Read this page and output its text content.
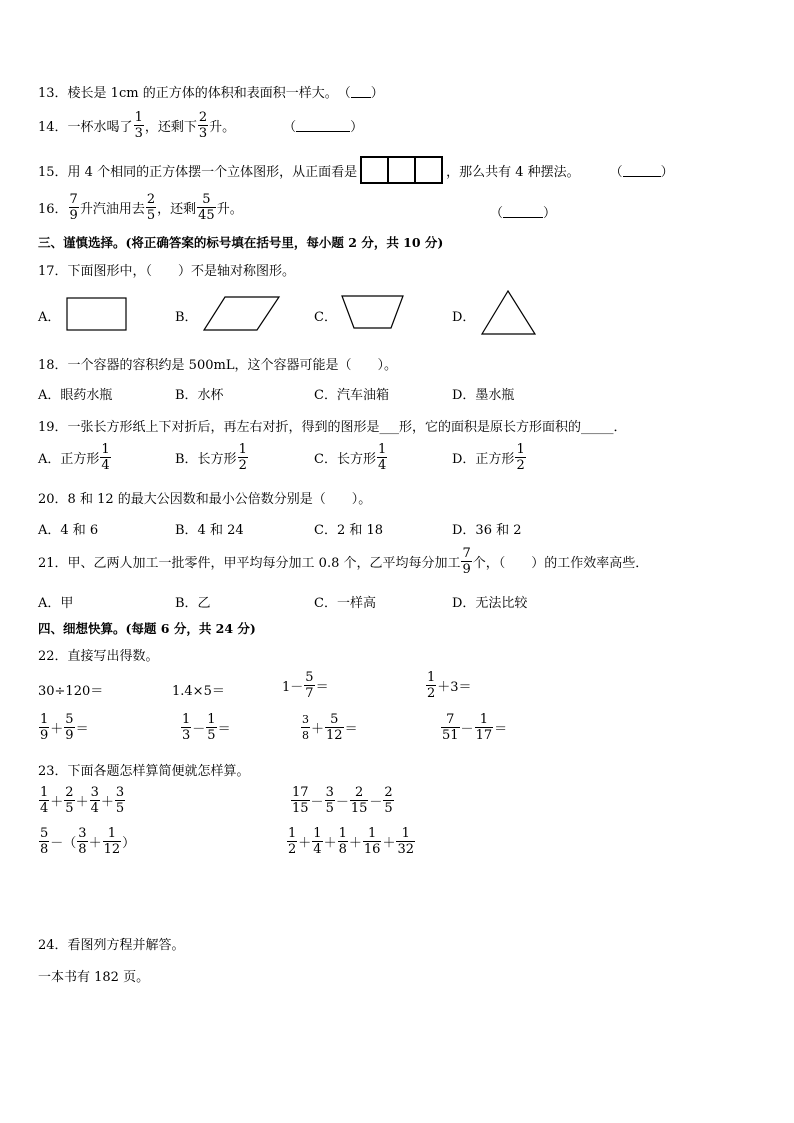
13． 棱长是 1cm 的正方体的体积和表面积一样大。 （ ）
14． 一杯水喝了 $\frac{1}{3}$ ，还剩下 $\frac{2}{3}$ 升。	（	）
15． 用 4 个相同的正方体摆一个立体图形，从正面看是	，那么共有 4 种摆法。 （	）
16． $\frac{7}{9}$ 升汽油用去 $\frac{2}{5}$ ，还剩 $\frac{5}{45}$ 升。	（	）
三、谨慎选择。(将正确答案的标号填在括号里，每小题 2 分，共 10 分)
17．下面图形中，（　　）不是轴对称图形。
A．	B．	C．	D．
18．一个容器的容积约是 500mL，这个容器可能是（　　）。
A．眼药水瓶	B．水杯	C．汽车油箱	D．墨水瓶
19．一张长方形纸上下对折后，再左右对折，得到的图形是___形，它的面积是原长方形面积的_____．
A．正方形 $\frac{1}{4}$	B．长方形 $\frac{1}{2}$	C．长方形 $\frac{1}{4}$	D．正方形 $\frac{1}{2}$
20．8 和 12 的最大公因数和最小公倍数分别是（　　）。
A．4 和 6	B．4 和 24	C．2 和 18	D．36 和 2
21．甲、乙两人加工一批零件，甲平均每分加工 0.8 个，乙平均每分加工 $\frac{7}{9}$ 个，（　　）的工作效率高些．
A．甲	B．乙	C．一样高	D．无法比较
四、细想快算。(每题 6 分，共 24 分)
22．直接写出得数。
30÷120＝	1.4×5＝	$1- \frac{5}{7}$ ＝	$\frac{1}{2} +3=$
$\frac{1}{9} + \frac{5}{9}$ ＝	$\frac{1}{3} - \frac{1}{5}$ ＝	$\frac{3}{8} + \frac{5}{12}$ ＝	$\frac{7}{51} - \frac{1}{17}$ ＝
23．下面各题怎样算简便就怎样算。
$\frac{1}{4} + \frac{2}{5} + \frac{3}{4} + \frac{3}{5}$	$\frac{17}{15} - \frac{3}{5} - \frac{2}{15} - \frac{2}{5}$
$\frac{5}{8}$ －（ $\frac{3}{8} + \frac{1}{12}$ ）	$\frac{1}{2} + \frac{1}{4} + \frac{1}{8} + \frac{1}{16} + \frac{1}{32}$
24．看图列方程并解答。
一本书有 182 页。
